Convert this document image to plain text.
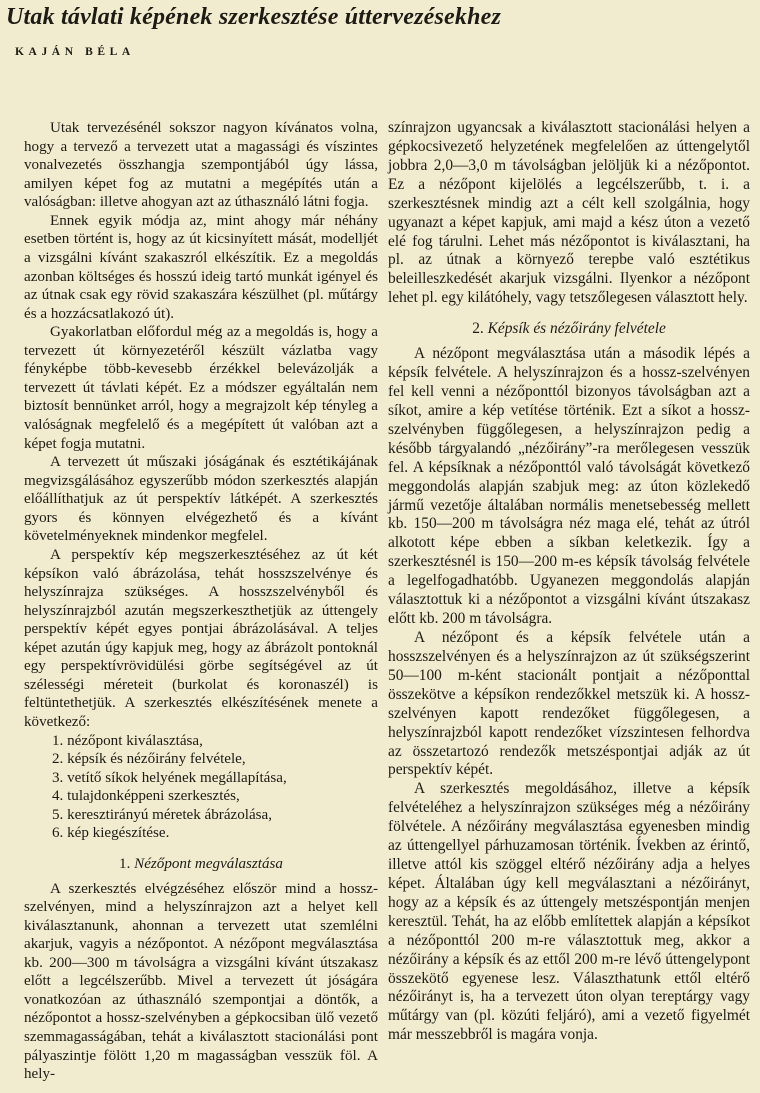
Utak távlati képének szerkesztése úttervezésekhez
KAJÁN BÉLA

Utak tervezésénél sokszor nagyon kívánatos volna, hogy a tervező a tervezett utat a magassági és víszintes vonalvezetés összhangja szempontjából úgy lássa, amilyen képet fog az mutatni a megépítés után a valóságban: illetve ahogyan azt az úthasználó látni fogja.

Ennek egyik módja az, mint ahogy már néhány esetben történt is, hogy az út kicsinyített mását, modelljét a vizsgálni kívánt szakaszról elkészítik. Ez a megoldás azonban költséges és hosszú ideig tartó munkát igényel és az útnak csak egy rövid szakaszára készülhet (pl. műtárgy és a hozzácsatlakozó út).

Gyakorlatban előfordul még az a megoldás is, hogy a tervezett út környezetéről készült vázlatba vagy fényképbe több-kevesebb érzékkel belevázolják a tervezett út távlati képét. Ez a módszer egyáltalán nem biztosít bennünket arról, hogy a megrajzolt kép tényleg a valóságnak megfelelő és a megépített út valóban azt a képet fogja mutatni.

A tervezett út műszaki jóságának és esztétikájának megvizsgálásához egyszerűbb módon szerkesztés alapján előállíthatjuk az út perspektív látképét. A szerkesztés gyors és könnyen elvégezhető és a kívánt követelményeknek mindenkor megfelel.

A perspektív kép megszerkesztéséhez az út két képsíkon való ábrázolása, tehát hosszszelvénye és helyszínrajza szükséges. A hosszszelvényből és helyszínrajzból azután megszerkeszthetjük az úttengely perspektív képét egyes pontjai ábrázolásával. A teljes képet azután úgy kapjuk meg, hogy az ábrázolt pontoknál egy perspektívrövidülési görbe segítségével az út szélességi méreteit (burkolat és koronaszél) is feltüntethetjük. A szerkesztés elkészítésének menete a következő:

1. nézőpont kiválasztása,
2. képsík és nézőirány felvétele,
3. vetítő síkok helyének megállapítása,
4. tulajdonképpeni szerkesztés,
5. keresztirányú méretek ábrázolása,
6. kép kiegészítése.
1. Nézőpont megválasztása

A szerkesztés elvégzéséhez először mind a hossz-szelvényen, mind a helyszínrajzon azt a helyet kell kiválasztanunk, ahonnan a tervezett utat szemlélni akarjuk, vagyis a nézőpontot. A nézőpont megválasztása kb. 200—300 m távolságra a vizsgálni kívánt útszakasz előtt a legcélszerűbb. Mivel a tervezett út jóságára vonatkozóan az úthasználó szempontjai a döntők, a nézőpontot a hossz-szelvényben a gépkocsiban ülő vezető szemmagasságában, tehát a kiválasztott stacionálási pont pályaszintje fölött 1,20 m magasságban vesszük föl. A hely-

színrajzon ugyancsak a kiválasztott stacionálási helyen a gépkocsivezető helyzetének megfelelően az úttengelytől jobbra 2,0—3,0 m távolságban jelöljük ki a nézőpontot. Ez a nézőpont kijelölés a legcélszerűbb, t. i. a szerkesztésnek mindig azt a célt kell szolgálnia, hogy ugyanazt a képet kapjuk, ami majd a kész úton a vezető elé fog tárulni. Lehet más nézőpontot is kiválasztani, ha pl. az útnak a környező terepbe való esztétikus beleilleszkedését akarjuk vizsgálni. Ilyenkor a nézőpont lehet pl. egy kilátóhely, vagy tetszőlegesen választott hely.

2. Képsík és nézőirány felvétele

A nézőpont megválasztása után a második lépés a képsík felvétele. A helyszínrajzon és a hossz-szelvényen fel kell venni a nézőponttól bizonyos távolságban azt a síkot, amire a kép vetítése történik. Ezt a síkot a hossz-szelvényben függőlegesen, a helyszínrajzon pedig a később tárgyalandó „nézőirány”-ra merőlegesen vesszük fel. A képsíknak a nézőponttól való távolságát következő meggondolás alapján szabjuk meg: az úton közlekedő jármű vezetője általában normális menetsebesség mellett kb. 150—200 m távolságra néz maga elé, tehát az útról alkotott képe ebben a síkban keletkezik. Így a szerkesztésnél is 150—200 m-es képsík távolság felvétele a legelfogadhatóbb. Ugyanezen meggondolás alapján választottuk ki a nézőpontot a vizsgálni kívánt útszakasz előtt kb. 200 m távolságra.

A nézőpont és a képsík felvétele után a hosszszelvényen és a helyszínrajzon az út szükségszerint 50—100 m-ként stacionált pontjait a nézőponttal összekötve a képsíkon rendezőkkel metszük ki. A hossz-szelvényen kapott rendezőket függőlegesen, a helyszínrajzból kapott rendezőket vízszintesen felhordva az összetartozó rendezők metszéspontjai adják az út perspektív képét.

A szerkesztés megoldásához, illetve a képsík felvételéhez a helyszínrajzon szükséges még a nézőirány fölvétele. A nézőirány megválasztása egyenesben mindig az úttengellyel párhuzamosan történik. Ívekben az érintő, illetve attól kis szöggel eltérő nézőirány adja a helyes képet. Általában úgy kell megválasztani a nézőirányt, hogy az a képsík és az úttengely metszéspontján menjen keresztül. Tehát, ha az előbb említettek alapján a képsíkot a nézőponttól 200 m-re választottuk meg, akkor a nézőirány a képsík és az ettől 200 m-re lévő úttengelypont összekötő egyenese lesz. Választhatunk ettől eltérő nézőirányt is, ha a tervezett úton olyan tereptárgy vagy műtárgy van (pl. közúti feljáró), ami a vezető figyelmét már messzebbről is magára vonja.
